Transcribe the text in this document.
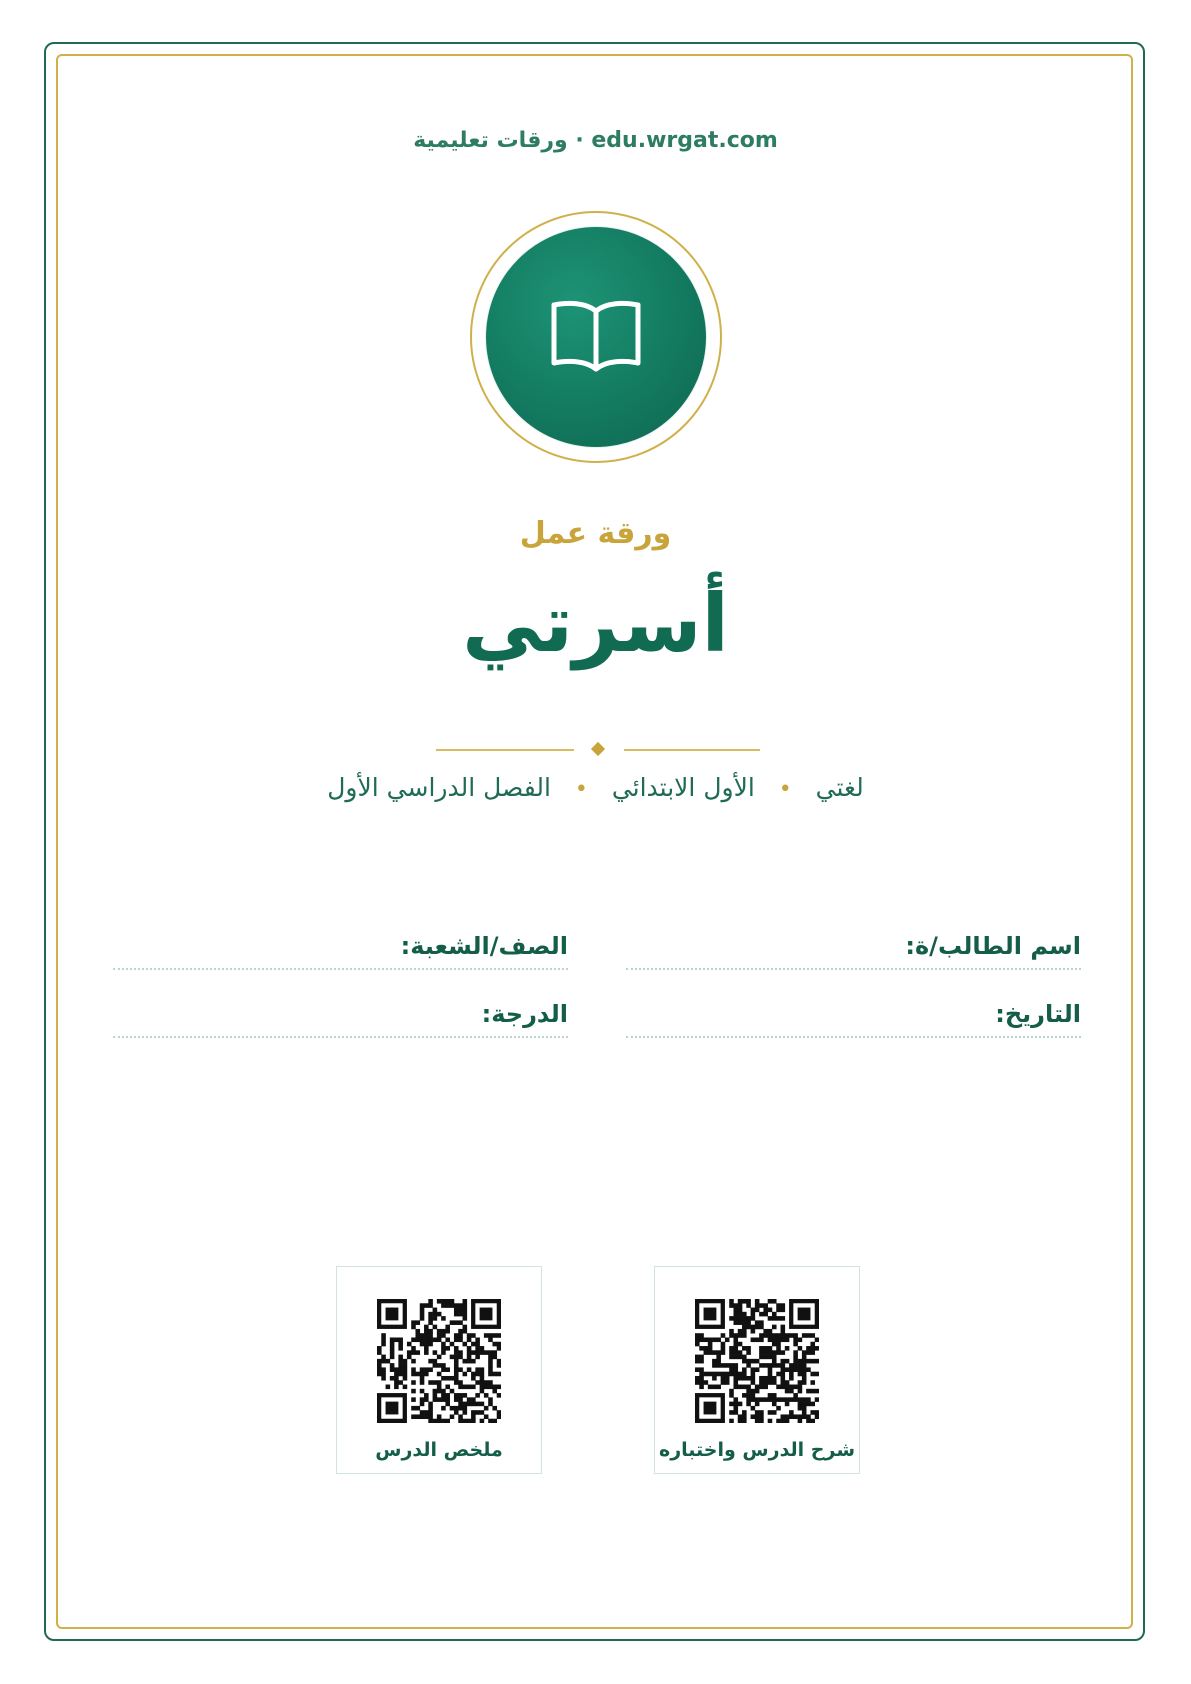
edu.wrgat.com · ورقات تعليمية
ورقة عمل
أسرتي
لغتي • الأول الابتدائي • الفصل الدراسي الأول
اسم الطالب/ة:
الصف/الشعبة:
التاريخ:
الدرجة:
شرح الدرس واختباره
ملخص الدرس
